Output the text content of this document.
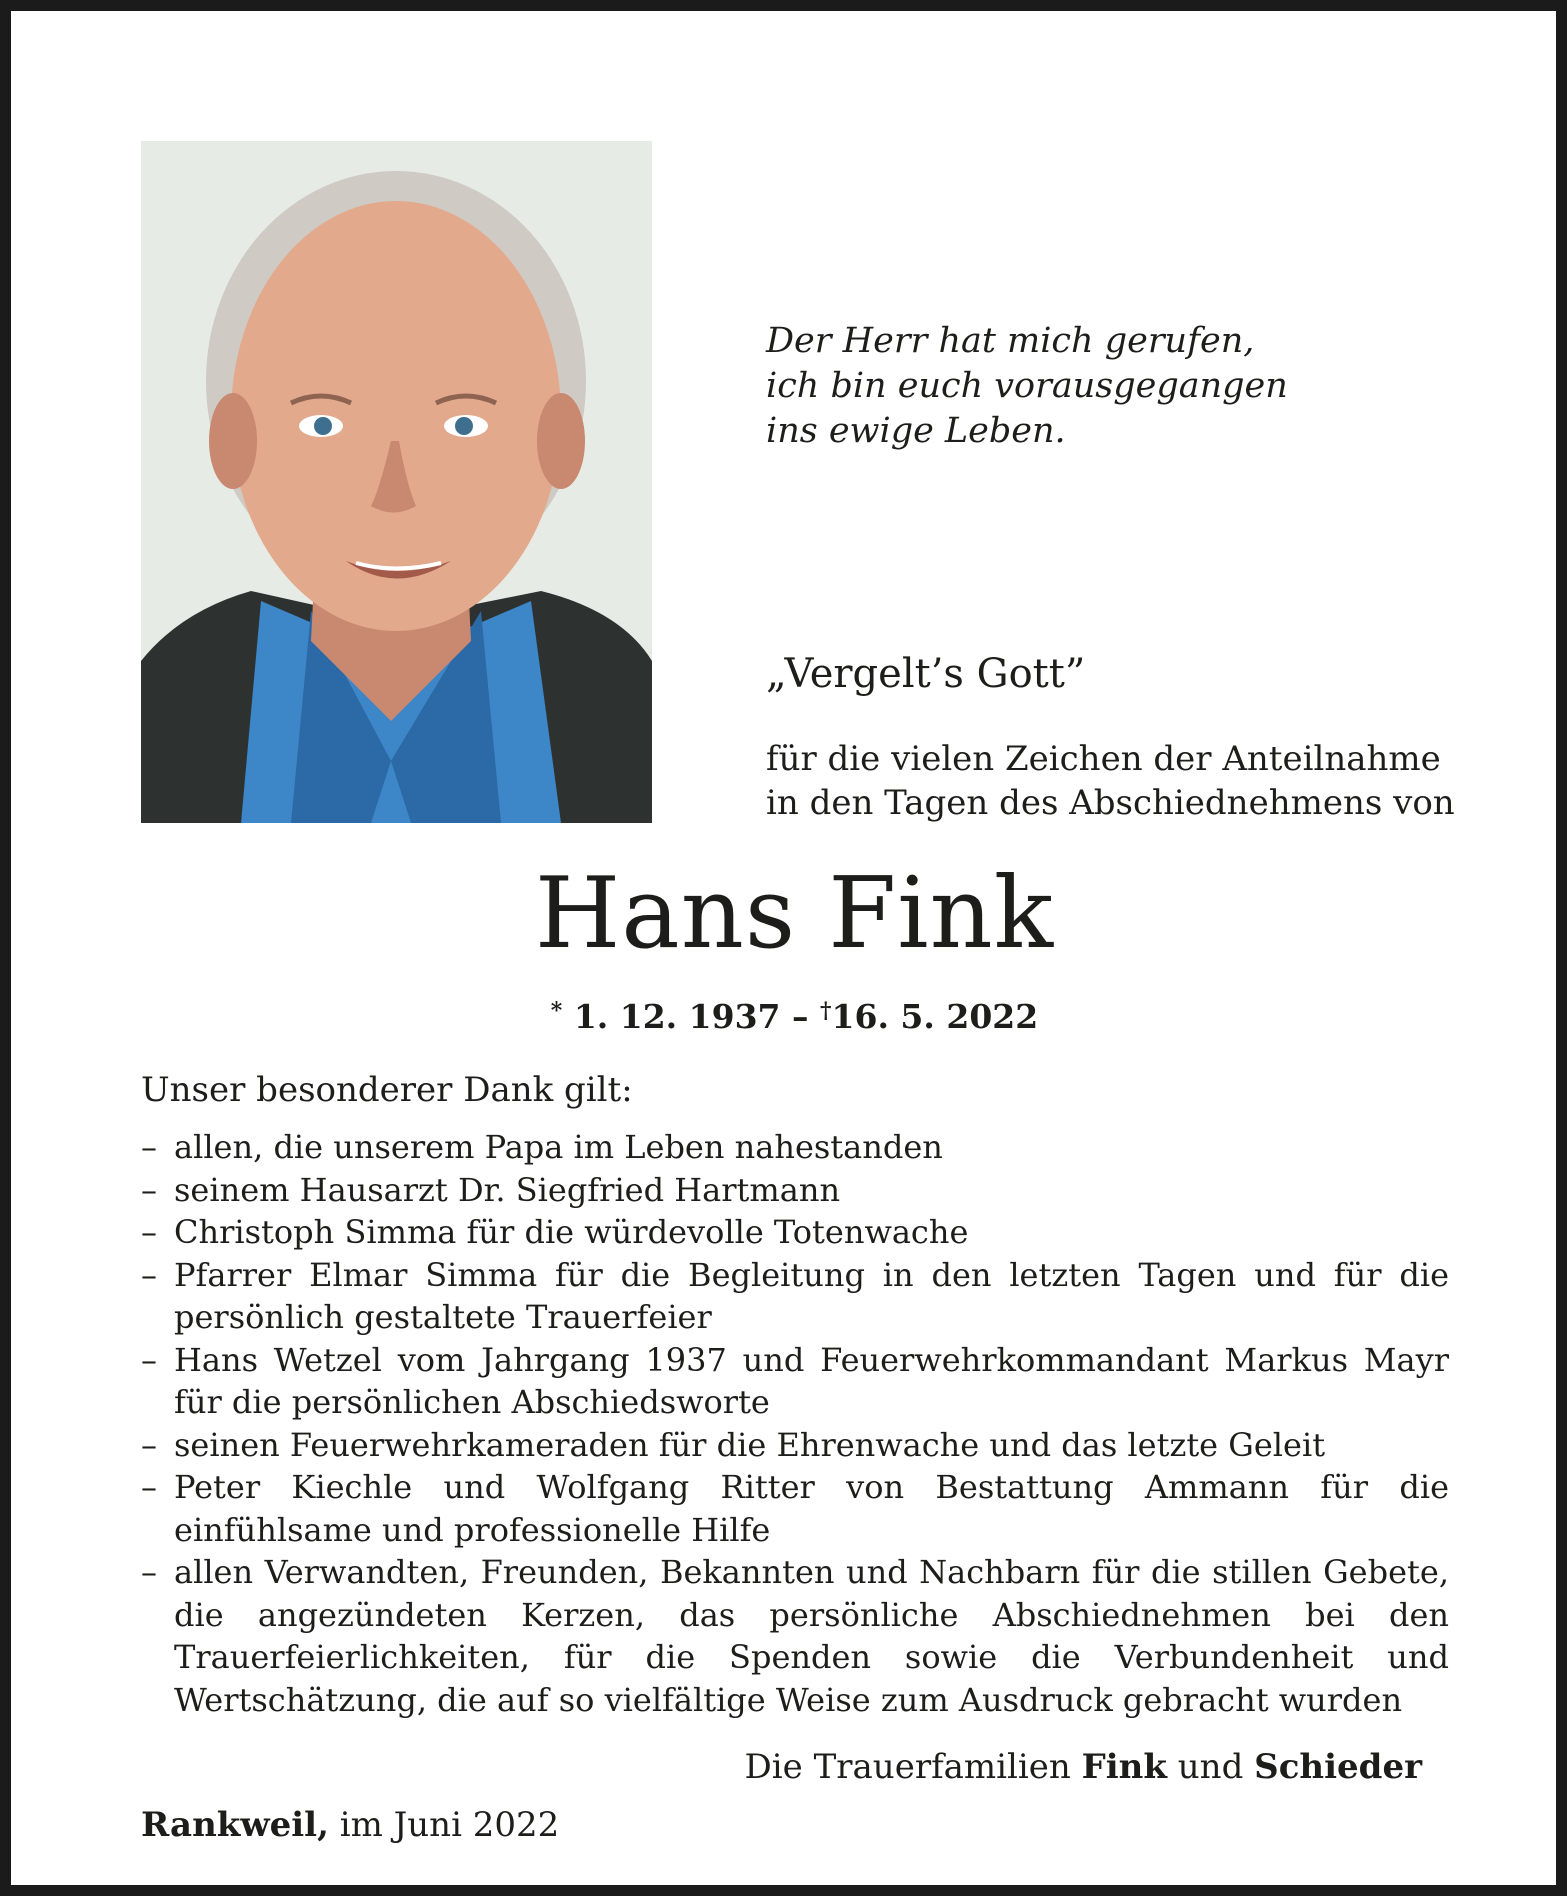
Der Herr hat mich gerufen,
ich bin euch vorausgegangen
ins ewige Leben.
„Vergelt’s Gott”
für die vielen Zeichen der Anteilnahme
in den Tagen des Abschiednehmens von
Hans Fink
* 1. 12. 1937 – †16. 5. 2022
Unser besonderer Dank gilt:
– allen, die unserem Papa im Leben nahestanden
– seinem Hausarzt Dr. Siegfried Hartmann
– Christoph Simma für die würdevolle Totenwache
– Pfarrer Elmar Simma für die Begleitung in den letzten Tagen und für die persönlich gestaltete Trauerfeier
– Hans Wetzel vom Jahrgang 1937 und Feuerwehrkommandant Markus Mayr für die persönlichen Abschiedsworte
– seinen Feuerwehrkameraden für die Ehrenwache und das letzte Geleit
– Peter Kiechle und Wolfgang Ritter von Bestattung Ammann für die einfühlsame und professionelle Hilfe
– allen Verwandten, Freunden, Bekannten und Nachbarn für die stillen Gebete, die angezündeten Kerzen, das persönliche Abschiednehmen bei den Trauerfeierlichkeiten, für die Spenden sowie die Verbundenheit und Wertschätzung, die auf so vielfältige Weise zum Ausdruck gebracht wurden
Die Trauerfamilien Fink und Schieder
Rankweil, im Juni 2022
